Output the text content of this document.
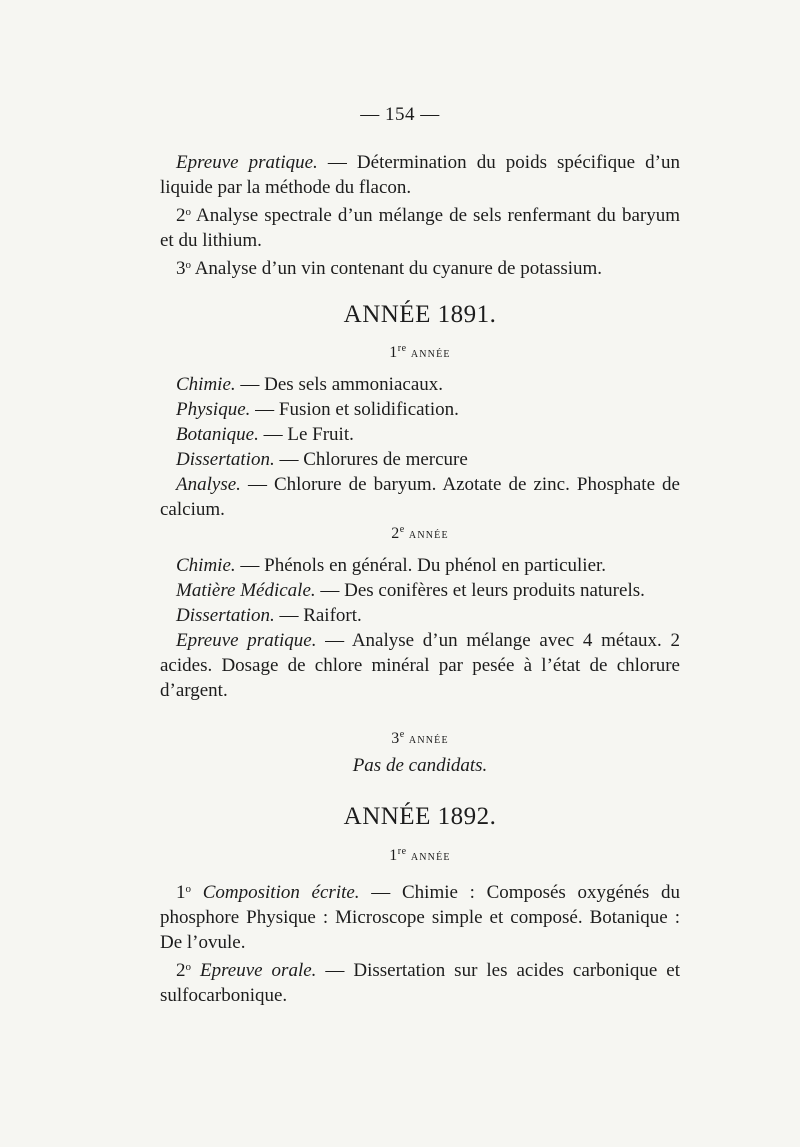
— 154 —

Epreuve pratique. — Détermination du poids spécifique d’un liquide par la méthode du flacon.

2$^o$ Analyse spectrale d’un mélange de sels renfermant du baryum et du lithium.

3$^o$ Analyse d’un vin contenant du cyanure de potassium.

ANNÉE 1891.
1re ANNÉE

Chimie. — Des sels ammoniacaux.

Physique. — Fusion et solidification.

Botanique. — Le Fruit.

Dissertation. — Chlorures de mercure

Analyse. — Chlorure de baryum. Azotate de zinc. Phosphate de calcium.

2e ANNÉE

Chimie. — Phénols en général. Du phénol en particulier.

Matière Médicale. — Des conifères et leurs produits naturels.

Dissertation. — Raifort.

Epreuve pratique. — Analyse d’un mélange avec 4 métaux. 2 acides. Dosage de chlore minéral par pesée à l’état de chlorure d’argent.

3e ANNÉE

Pas de candidats.

ANNÉE 1892.
1re ANNÉE

1$^o$ Composition écrite. — Chimie : Composés oxygénés du phosphore Physique : Microscope simple et composé. Botanique : De l’ovule.

2$^o$ Epreuve orale. — Dissertation sur les acides carbonique et sulfocarbonique.
